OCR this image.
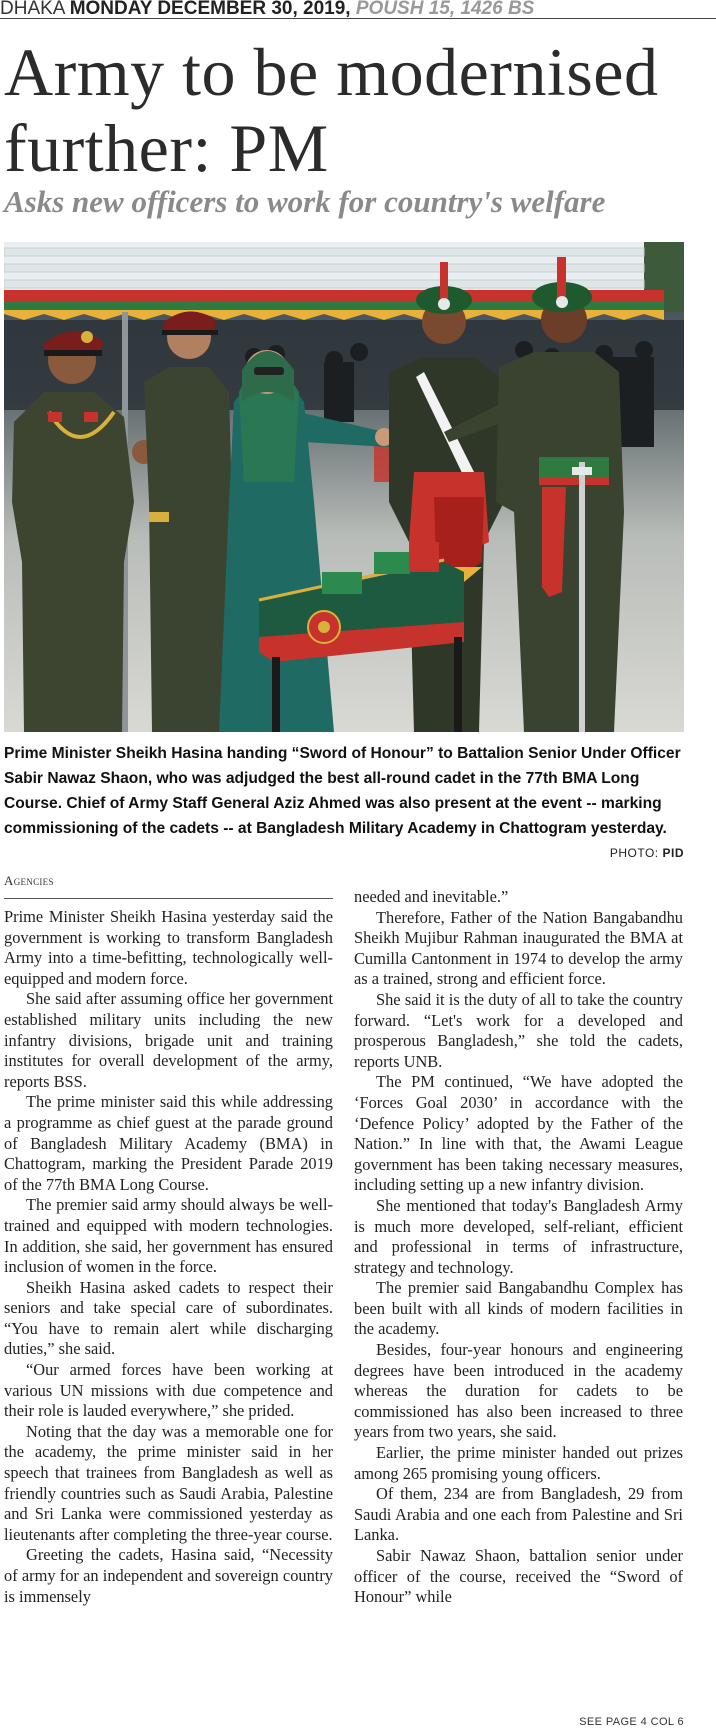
DHAKA MONDAY DECEMBER 30, 2019, POUSH 15, 1426 BS
Army to be modernised further: PM
Asks new officers to work for country's welfare

Prime Minister Sheikh Hasina handing “Sword of Honour” to Battalion Senior Under Officer Sabir Nawaz Shaon, who was adjudged the best all-round cadet in the 77th BMA Long Course. Chief of Army Staff General Aziz Ahmed was also present at the event -- marking commissioning of the cadets -- at Bangladesh Military Academy in Chattogram yesterday.

PHOTO: PID
Agencies

Prime Minister Sheikh Hasina yesterday said the government is working to transform Bangladesh Army into a time-befitting, technologically well-equipped and modern force.

She said after assuming office her government established military units including the new infantry divisions, brigade unit and training institutes for overall development of the army, reports BSS.

The prime minister said this while addressing a programme as chief guest at the parade ground of Bangladesh Military Academy (BMA) in Chattogram, marking the President Parade 2019 of the 77th BMA Long Course.

The premier said army should always be well-trained and equipped with modern technologies. In addition, she said, her government has ensured inclusion of women in the force.

Sheikh Hasina asked cadets to respect their seniors and take special care of subordinates. “You have to remain alert while discharging duties,” she said.

“Our armed forces have been working at various UN missions with due competence and their role is lauded everywhere,” she prided.

Noting that the day was a memorable one for the academy, the prime minister said in her speech that trainees from Bangladesh as well as friendly countries such as Saudi Arabia, Palestine and Sri Lanka were commissioned yesterday as lieutenants after completing the three-year course.

Greeting the cadets, Hasina said, “Necessity of army for an independent and sovereign country is immensely

needed and inevitable.”

Therefore, Father of the Nation Bangabandhu Sheikh Mujibur Rahman inaugurated the BMA at Cumilla Cantonment in 1974 to develop the army as a trained, strong and efficient force.

She said it is the duty of all to take the country forward. “Let's work for a developed and prosperous Bangladesh,” she told the cadets, reports UNB.

The PM continued, “We have adopted the ‘Forces Goal 2030’ in accordance with the ‘Defence Policy’ adopted by the Father of the Nation.” In line with that, the Awami League government has been taking necessary measures, including setting up a new infantry division.

She mentioned that today's Bangladesh Army is much more developed, self-reliant, efficient and professional in terms of infrastructure, strategy and technology.

The premier said Bangabandhu Complex has been built with all kinds of modern facilities in the academy.

Besides, four-year honours and engineering degrees have been introduced in the academy whereas the duration for cadets to be commissioned has also been increased to three years from two years, she said.

Earlier, the prime minister handed out prizes among 265 promising young officers.

Of them, 234 are from Bangladesh, 29 from Saudi Arabia and one each from Palestine and Sri Lanka.

Sabir Nawaz Shaon, battalion senior under officer of the course, received the “Sword of Honour” while

SEE PAGE 4 COL 6
